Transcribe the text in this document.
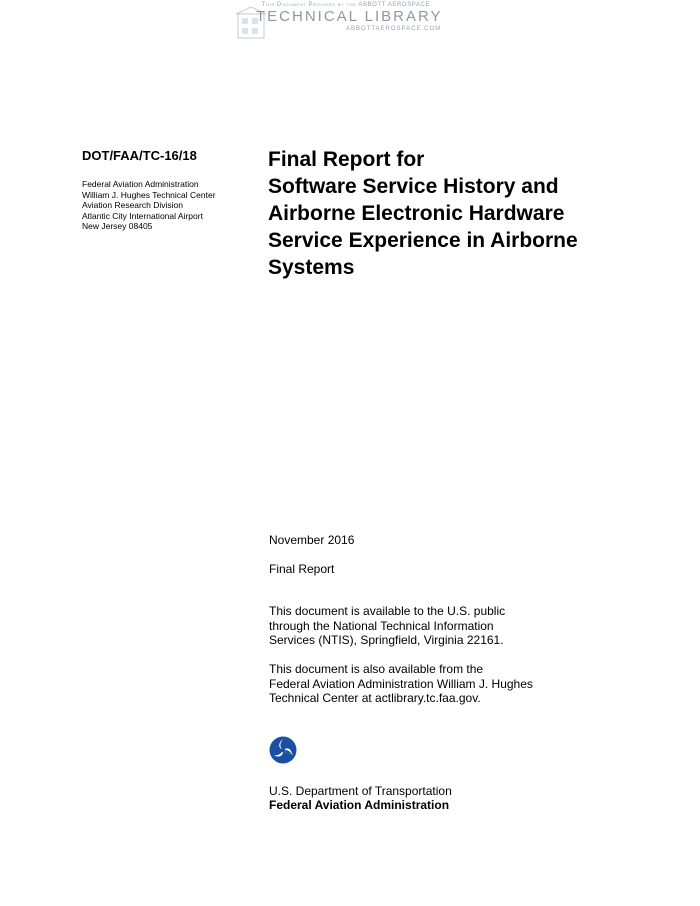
This Document Provided by the ABBOTT AEROSPACE
TECHNICAL LIBRARY
ABBOTTAEROSPACE.COM
DOT/FAA/TC-16/18
Federal Aviation Administration
William J. Hughes Technical Center
Aviation Research Division
Atlantic City International Airport
New Jersey 08405
Final Report for
Software Service History and
Airborne Electronic Hardware
Service Experience in Airborne
Systems
November 2016
Final Report
This document is available to the U.S. public
through the National Technical Information
Services (NTIS), Springfield, Virginia 22161.
This document is also available from the
Federal Aviation Administration William J. Hughes
Technical Center at actlibrary.tc.faa.gov.
U.S. Department of Transportation
Federal Aviation Administration
